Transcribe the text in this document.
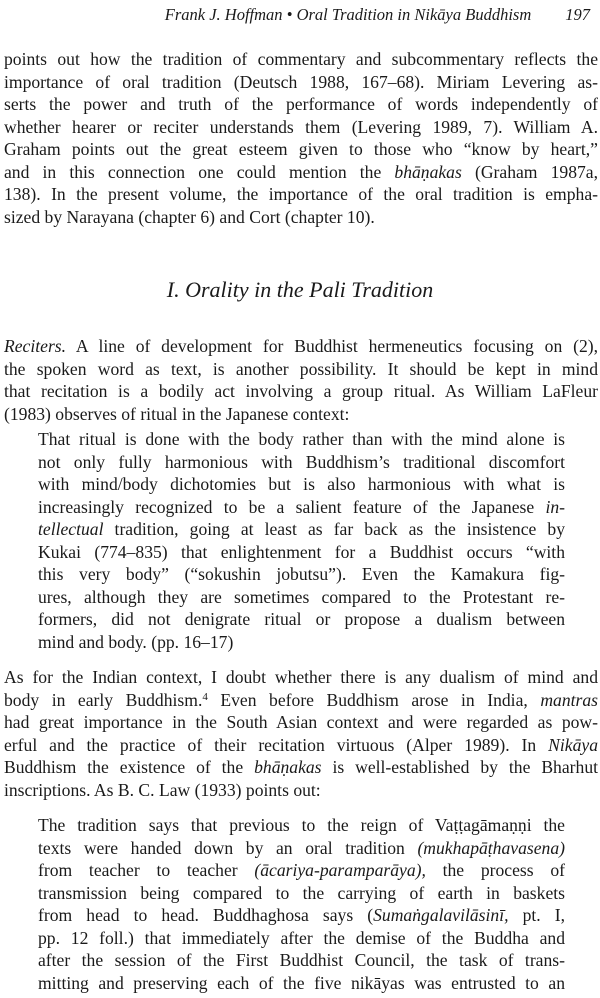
Frank J. Hoffman • Oral Tradition in Nikāya Buddhism 197
points out how the tradition of commentary and subcommentary reflects the
importance of oral tradition (Deutsch 1988, 167–68). Miriam Levering as-
serts the power and truth of the performance of words independently of
whether hearer or reciter understands them (Levering 1989, 7). William A.
Graham points out the great esteem given to those who “know by heart,”
and in this connection one could mention the bhāṇakas (Graham 1987a,
138). In the present volume, the importance of the oral tradition is empha-
sized by Narayana (chapter 6) and Cort (chapter 10).
I. Orality in the Pali Tradition
Reciters. A line of development for Buddhist hermeneutics focusing on (2),
the spoken word as text, is another possibility. It should be kept in mind
that recitation is a bodily act involving a group ritual. As William LaFleur
(1983) observes of ritual in the Japanese context:
That ritual is done with the body rather than with the mind alone is
not only fully harmonious with Buddhism’s traditional discomfort
with mind/body dichotomies but is also harmonious with what is
increasingly recognized to be a salient feature of the Japanese in-
tellectual tradition, going at least as far back as the insistence by
Kukai (774–835) that enlightenment for a Buddhist occurs “with
this very body” (“sokushin jobutsu”). Even the Kamakura fig-
ures, although they are sometimes compared to the Protestant re-
formers, did not denigrate ritual or propose a dualism between
mind and body. (pp. 16–17)
As for the Indian context, I doubt whether there is any dualism of mind and
body in early Buddhism.$^4$ Even before Buddhism arose in India, mantras
had great importance in the South Asian context and were regarded as pow-
erful and the practice of their recitation virtuous (Alper 1989). In Nikāya
Buddhism the existence of the bhāṇakas is well-established by the Bharhut
inscriptions. As B. C. Law (1933) points out:
The tradition says that previous to the reign of Vaṭṭagāmaṇṇi the
texts were handed down by an oral tradition (mukhapāṭhavasena)
from teacher to teacher (ācariya-paramparāya), the process of
transmission being compared to the carrying of earth in baskets
from head to head. Buddhaghosa says (Sumaṅgalavilāsinī, pt. I,
pp. 12 foll.) that immediately after the demise of the Buddha and
after the session of the First Buddhist Council, the task of trans-
mitting and preserving each of the five nikāyas was entrusted to an
